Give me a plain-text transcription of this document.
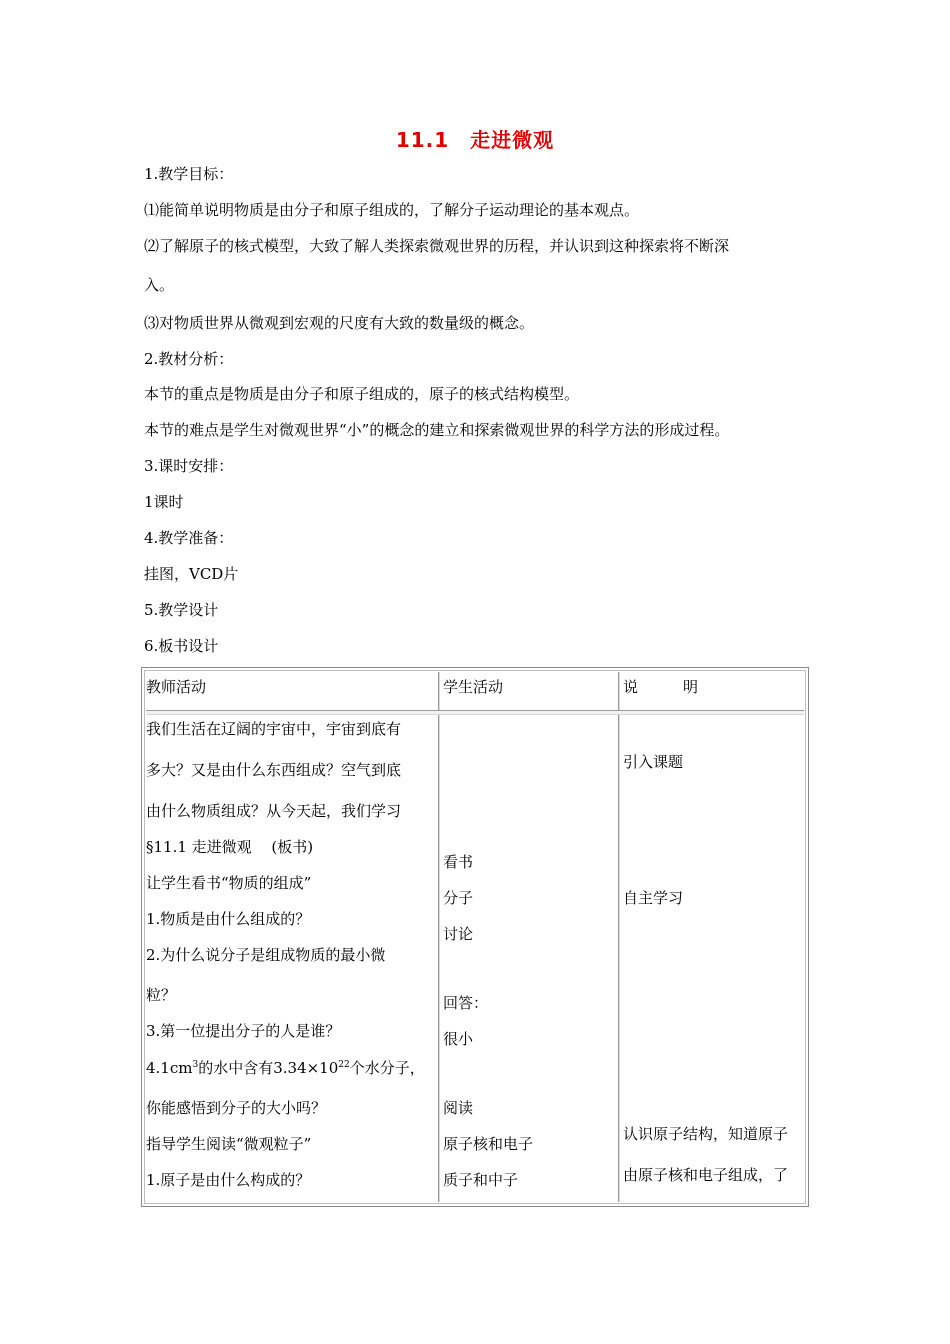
11.1　走进微观
1.教学目标：
⑴能简单说明物质是由分子和原子组成的，了解分子运动理论的基本观点。
⑵了解原子的核式模型，大致了解人类探索微观世界的历程，并认识到这种探索将不断深
入。
⑶对物质世界从微观到宏观的尺度有大致的数量级的概念。
2.教材分析：
本节的重点是物质是由分子和原子组成的，原子的核式结构模型。
本节的难点是学生对微观世界“小”的概念的建立和探索微观世界的科学方法的形成过程。
3.课时安排：
1课时
4.教学准备：
挂图，VCD片
5.教学设计
6.板书设计
教师活动	学生活动	说　　　明
我们生活在辽阔的宇宙中，宇宙到底有
多大？又是由什么东西组成？空气到底
由什么物质组成？从今天起，我们学习
§11.1 走进微观　 (板书)
让学生看书“物质的组成”
1.物质是由什么组成的？
2.为什么说分子是组成物质的最小微
粒？
3.第一位提出分子的人是谁？
$4.1cm^3$的水中含有$3.34\times 10^{22}$个水分子，
你能感悟到分子的大小吗？
指导学生阅读“微观粒子”
1.原子是由什么构成的？
看书
分子
讨论
回答：
很小
阅读
原子核和电子
质子和中子
引入课题
自主学习
认识原子结构，知道原子
由原子核和电子组成，了
